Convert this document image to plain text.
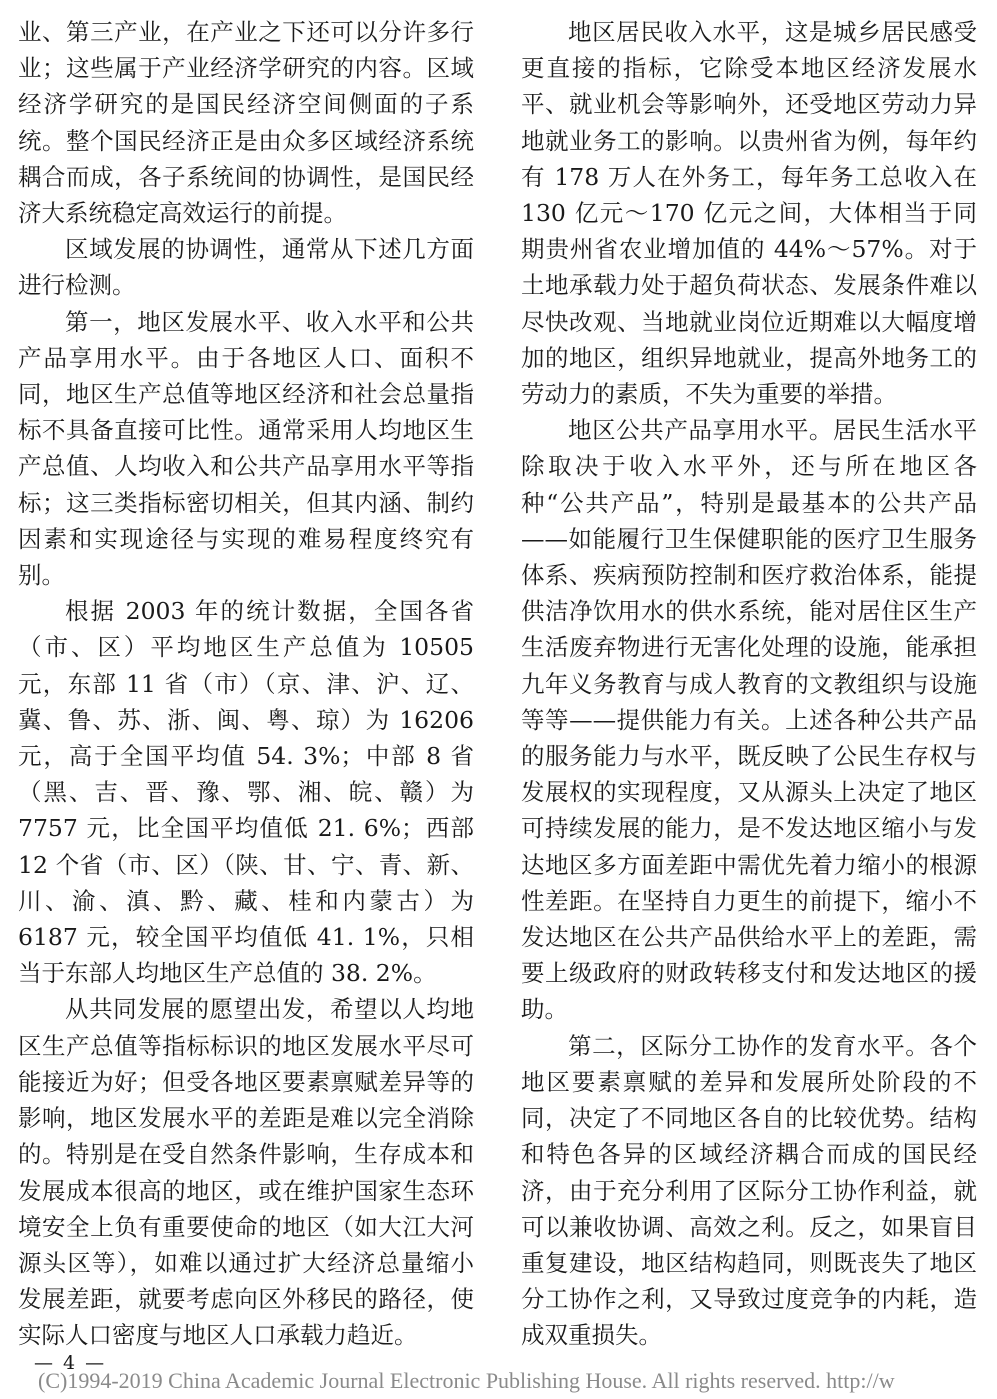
业、第三产业，在产业之下还可以分许多行业；这些属于产业经济学研究的内容。区域经济学研究的是国民经济空间侧面的子系统。整个国民经济正是由众多区域经济系统耦合而成，各子系统间的协调性，是国民经济大系统稳定高效运行的前提。

区域发展的协调性，通常从下述几方面进行检测。

第一，地区发展水平、收入水平和公共产品享用水平。由于各地区人口、面积不同，地区生产总值等地区经济和社会总量指标不具备直接可比性。通常采用人均地区生产总值、人均收入和公共产品享用水平等指标；这三类指标密切相关，但其内涵、制约因素和实现途径与实现的难易程度终究有别。

根据 2003 年的统计数据，全国各省（市、区）平均地区生产总值为 10505 元，东部 11 省（市）（京、津、沪、辽、冀、鲁、苏、浙、闽、粤、琼）为 16206 元，高于全国平均值 54. 3%；中部 8 省（黑、吉、晋、豫、鄂、湘、皖、赣）为 7757 元，比全国平均值低 21. 6%；西部 12 个省（市、区）（陕、甘、宁、青、新、川、渝、滇、黔、藏、桂和内蒙古）为 6187 元，较全国平均值低 41. 1%，只相当于东部人均地区生产总值的 38. 2%。

从共同发展的愿望出发，希望以人均地区生产总值等指标标识的地区发展水平尽可能接近为好；但受各地区要素禀赋差异等的影响，地区发展水平的差距是难以完全消除的。特别是在受自然条件影响，生存成本和发展成本很高的地区，或在维护国家生态环境安全上负有重要使命的地区（如大江大河源头区等），如难以通过扩大经济总量缩小发展差距，就要考虑向区外移民的路径，使实际人口密度与地区人口承载力趋近。

地区居民收入水平，这是城乡居民感受更直接的指标，它除受本地区经济发展水平、就业机会等影响外，还受地区劳动力异地就业务工的影响。以贵州省为例，每年约有 178 万人在外务工，每年务工总收入在 130 亿元～170 亿元之间，大体相当于同期贵州省农业增加值的 44%～57%。对于土地承载力处于超负荷状态、发展条件难以尽快改观、当地就业岗位近期难以大幅度增加的地区，组织异地就业，提高外地务工的劳动力的素质，不失为重要的举措。

地区公共产品享用水平。居民生活水平除取决于收入水平外，还与所在地区各种“公共产品”，特别是最基本的公共产品——如能履行卫生保健职能的医疗卫生服务体系、疾病预防控制和医疗救治体系，能提供洁净饮用水的供水系统，能对居住区生产生活废弃物进行无害化处理的设施，能承担九年义务教育与成人教育的文教组织与设施等等——提供能力有关。上述各种公共产品的服务能力与水平，既反映了公民生存权与发展权的实现程度，又从源头上决定了地区可持续发展的能力，是不发达地区缩小与发达地区多方面差距中需优先着力缩小的根源性差距。在坚持自力更生的前提下，缩小不发达地区在公共产品供给水平上的差距，需要上级政府的财政转移支付和发达地区的援助。

第二，区际分工协作的发育水平。各个地区要素禀赋的差异和发展所处阶段的不同，决定了不同地区各自的比较优势。结构和特色各异的区域经济耦合而成的国民经济，由于充分利用了区际分工协作利益，就可以兼收协调、高效之利。反之，如果盲目重复建设，地区结构趋同，则既丧失了地区分工协作之利，又导致过度竞争的内耗，造成双重损失。

— 4 —
(C)1994-2019 China Academic Journal Electronic Publishing House. All rights reserved. http://w
